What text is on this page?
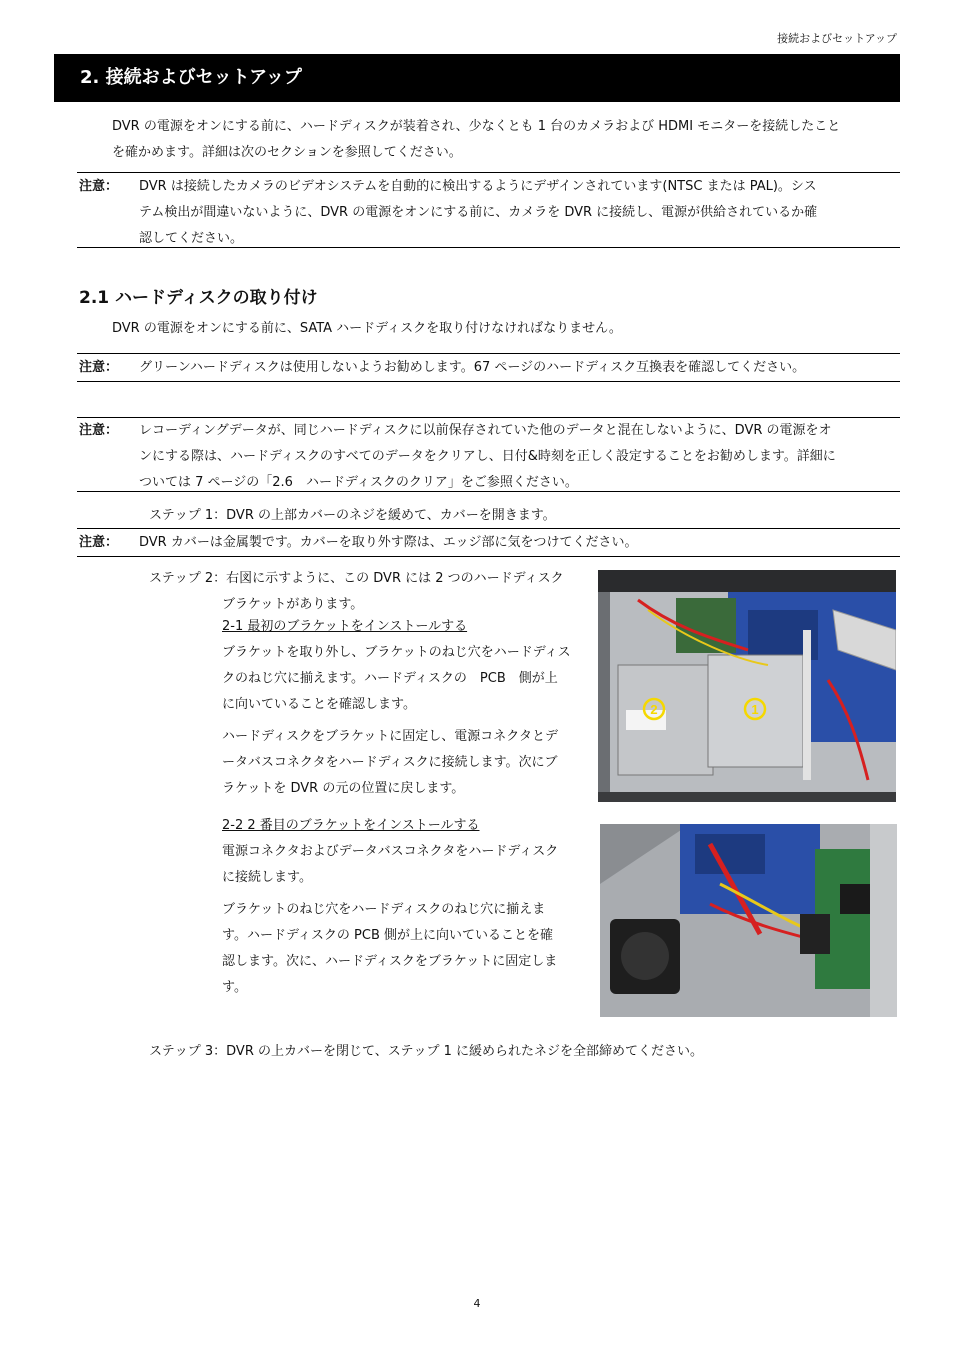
接続およびセットアップ
2. 接続およびセットアップ
DVR の電源をオンにする前に、ハードディスクが装着され、少なくとも 1 台のカメラおよび HDMI モニターを接続したこと
を確かめます。詳細は次のセクションを参照してください。
注意： DVR は接続したカメラのビデオシステムを自動的に検出するようにデザインされています(NTSC または PAL)。シス
テム検出が間違いないように、DVR の電源をオンにする前に、カメラを DVR に接続し、電源が供給されているか確
認してください。
2.1 ハードディスクの取り付け
DVR の電源をオンにする前に、SATA ハードディスクを取り付けなければなりません。
注意： グリーンハードディスクは使用しないようお勧めします。67 ページのハードディスク互換表を確認してください。
注意： レコーディングデータが、同じハードディスクに以前保存されていた他のデータと混在しないように、DVR の電源をオ
ンにする際は、ハードディスクのすべてのデータをクリアし、日付&時刻を正しく設定することをお勧めします。詳細に
ついては 7 ページの「2.6　ハードディスクのクリア」をご参照ください。
ステップ 1：DVR の上部カバーのネジを緩めて、カバーを開きます。
注意： DVR カバーは金属製です。カバーを取り外す際は、エッジ部に気をつけてください。
ステップ 2：右図に示すように、この DVR には 2 つのハードディスク
ブラケットがあります。
2-1 最初のブラケットをインストールする
ブラケットを取り外し、ブラケットのねじ穴をハードディス
クのねじ穴に揃えます。ハードディスクの　PCB　側が上
に向いていることを確認します。
ハードディスクをブラケットに固定し、電源コネクタとデ
ータバスコネクタをハードディスクに接続します。次にブ
ラケットを DVR の元の位置に戻します。
2-2 2 番目のブラケットをインストールする
電源コネクタおよびデータバスコネクタをハードディスク
に接続します。
ブラケットのねじ穴をハードディスクのねじ穴に揃えま
す。ハードディスクの PCB 側が上に向いていることを確
認します。次に、ハードディスクをブラケットに固定しま
す。
2	1
ステップ 3：DVR の上カバーを閉じて、ステップ 1 に緩められたネジを全部締めてください。
4
